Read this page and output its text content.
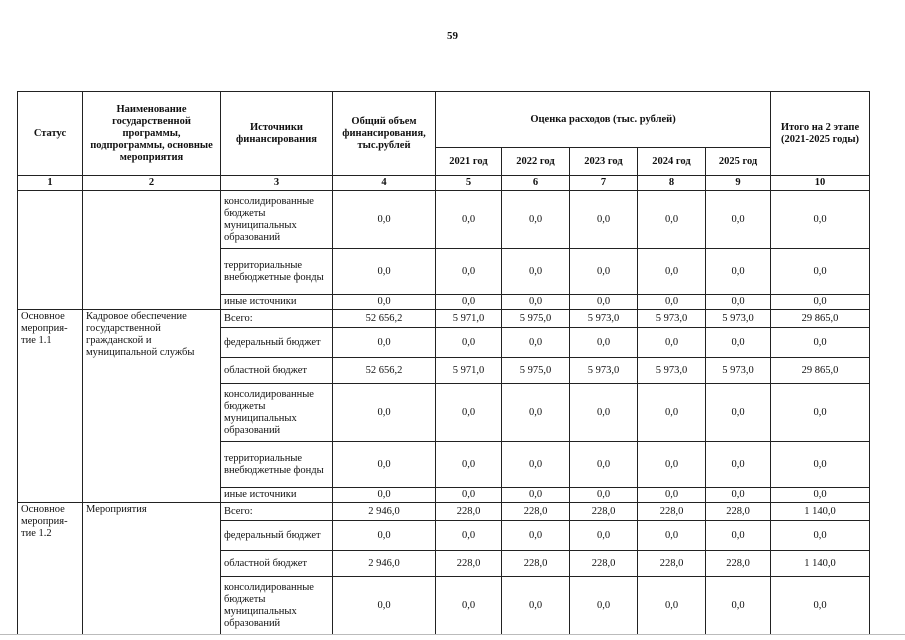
59
Статус	Наименование государственной программы, подпрограммы, основные мероприятия	Источники финансирования	Общий объем финансирования, тыс.рублей	Оценка расходов (тыс. рублей)					Итого на 2 этапе (2021-2025 годы)
				2021 год	2022 год	2023 год	2024 год	2025 год	
1	2	3	4	5	6	7	8	9	10
		консолидированные бюджеты муниципальных образований	0,0	0,0	0,0	0,0	0,0	0,0	0,0
		территориальные внебюджетные фонды	0,0	0,0	0,0	0,0	0,0	0,0	0,0
		иные источники	0,0	0,0	0,0	0,0	0,0	0,0	0,0
Основное мероприя-тие 1.1	Кадровое обеспечение государственной гражданской и муниципальной службы	Всего:	52 656,2	5 971,0	5 975,0	5 973,0	5 973,0	5 973,0	29 865,0
		федеральный бюджет	0,0	0,0	0,0	0,0	0,0	0,0	0,0
		областной бюджет	52 656,2	5 971,0	5 975,0	5 973,0	5 973,0	5 973,0	29 865,0
		консолидированные бюджеты муниципальных образований	0,0	0,0	0,0	0,0	0,0	0,0	0,0
		территориальные внебюджетные фонды	0,0	0,0	0,0	0,0	0,0	0,0	0,0
		иные источники	0,0	0,0	0,0	0,0	0,0	0,0	0,0
Основное мероприя-тие 1.2	Мероприятия	Всего:	2 946,0	228,0	228,0	228,0	228,0	228,0	1 140,0
		федеральный бюджет	0,0	0,0	0,0	0,0	0,0	0,0	0,0
		областной бюджет	2 946,0	228,0	228,0	228,0	228,0	228,0	1 140,0
		консолидированные бюджеты муниципальных образований	0,0	0,0	0,0	0,0	0,0	0,0	0,0
